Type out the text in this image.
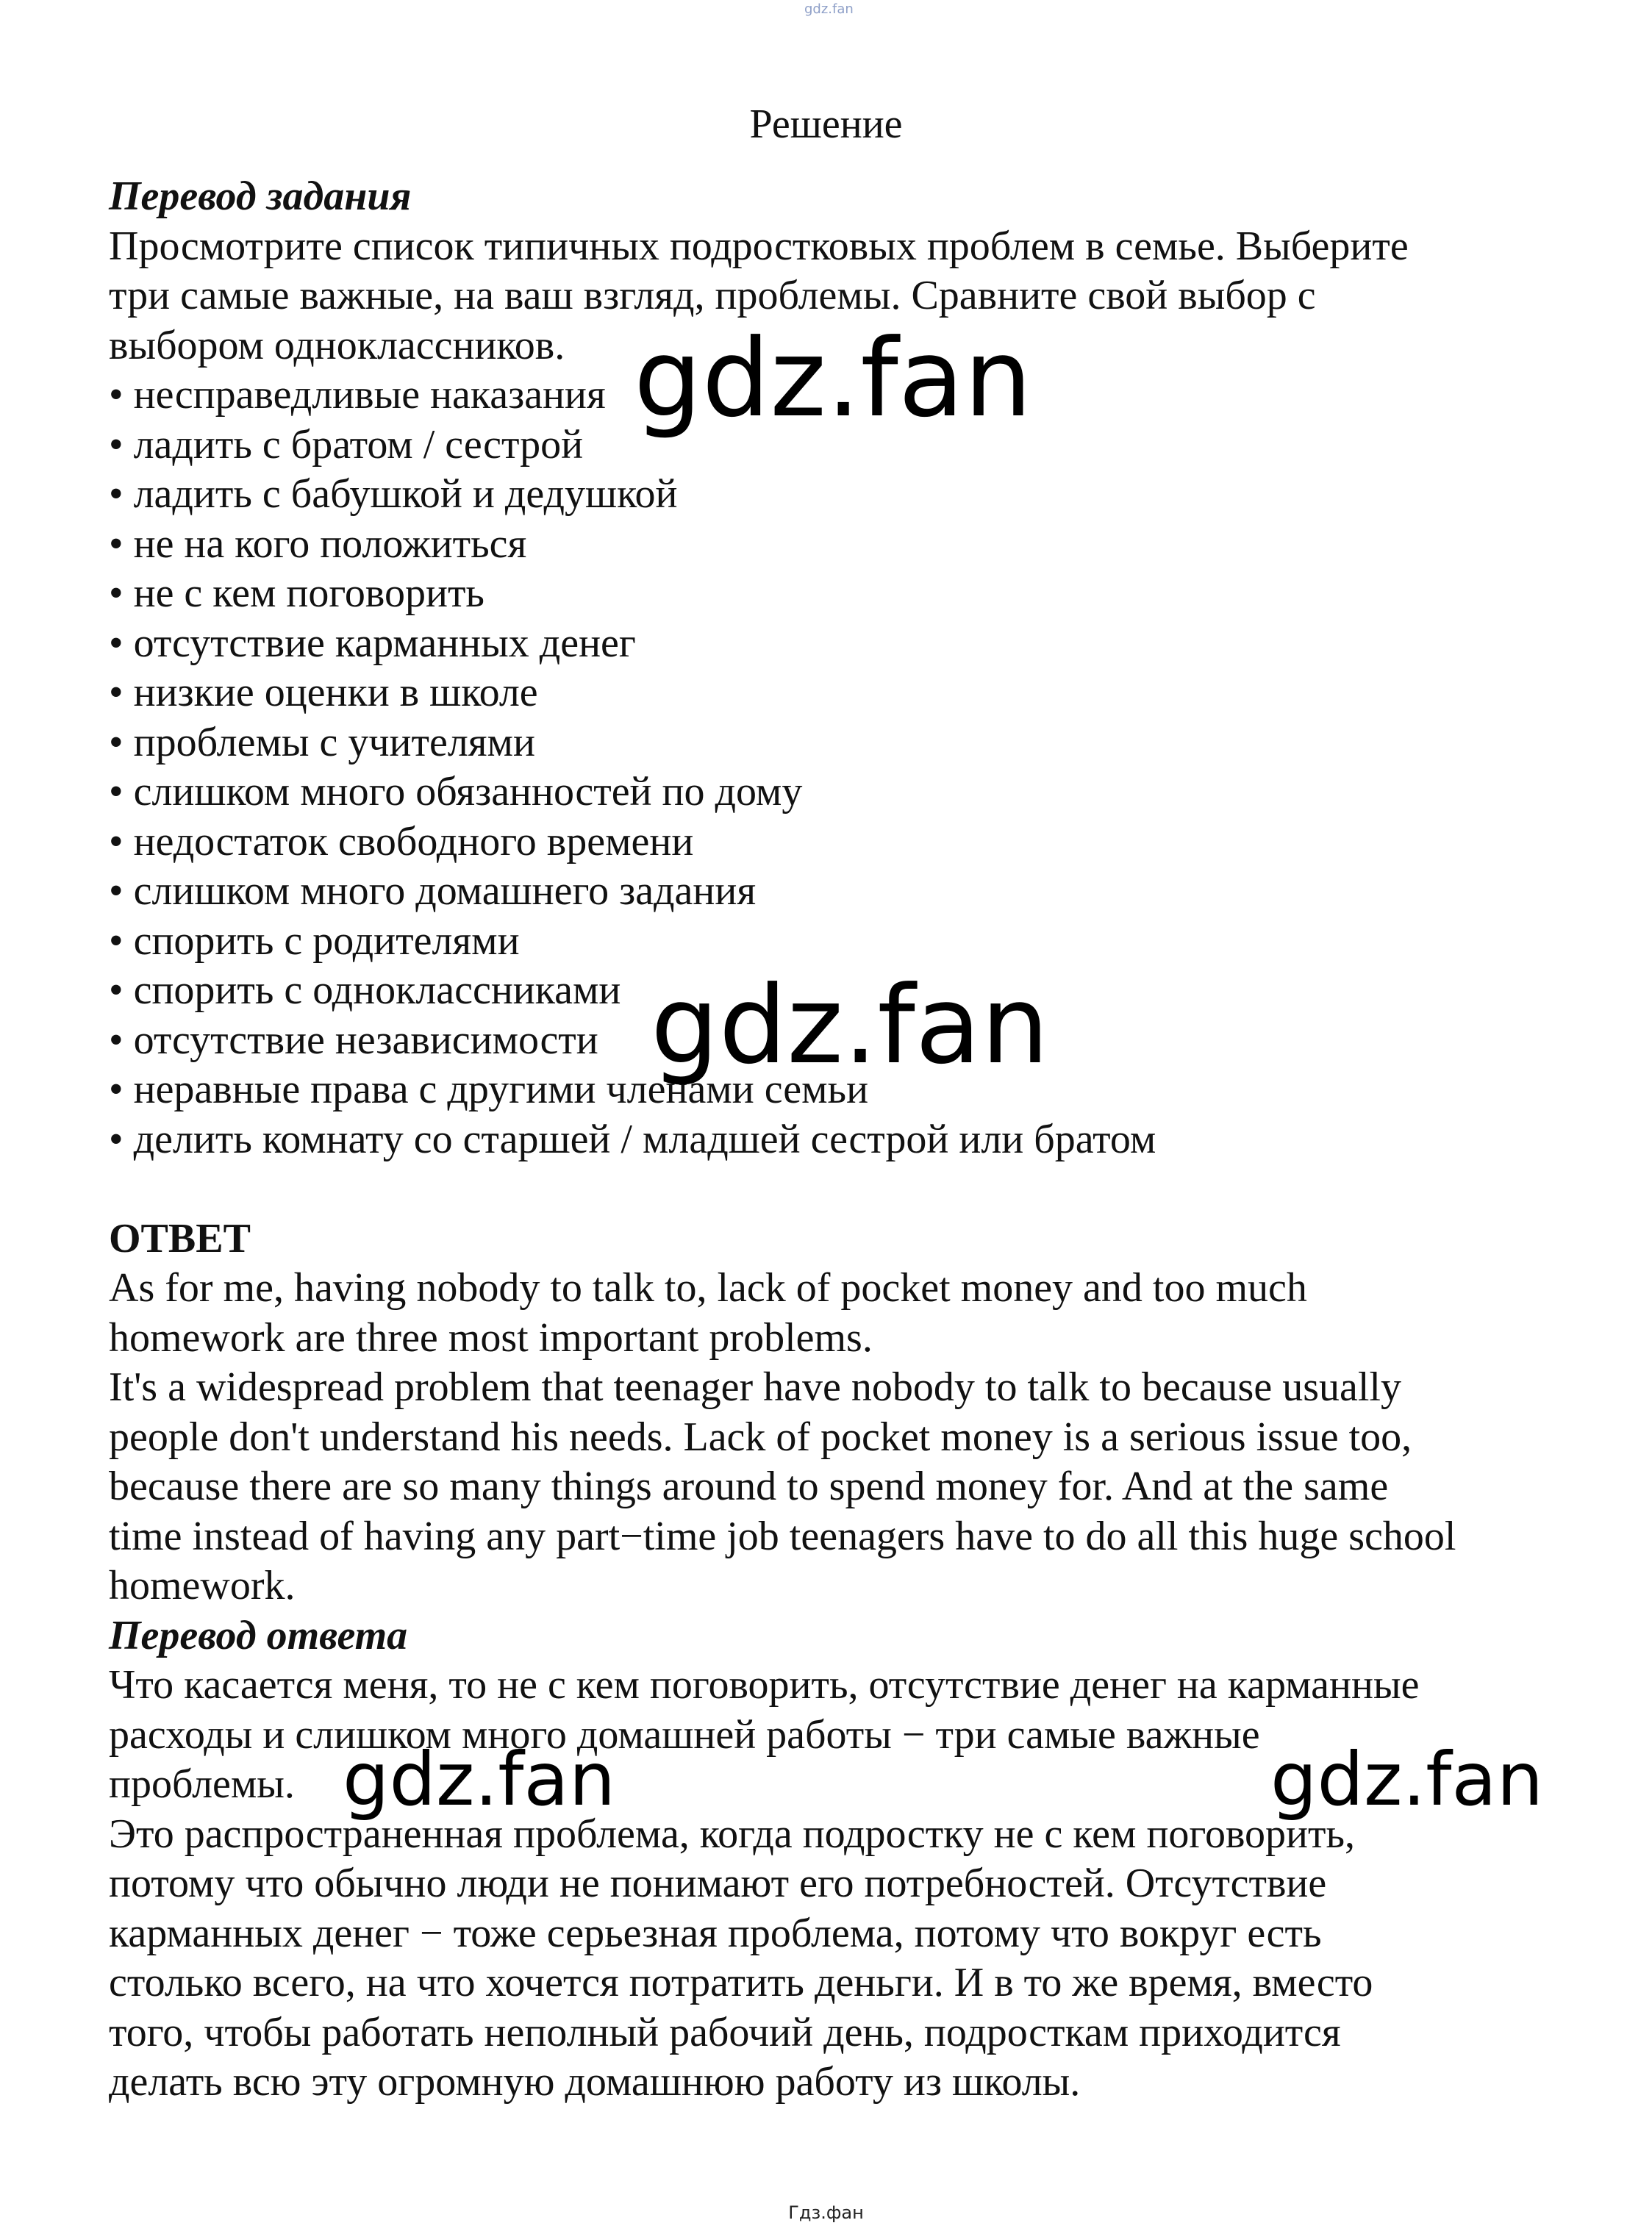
gdz.fan
Решение
Перевод задания
Просмотрите список типичных подростковых проблем в семье. Выберите
три самые важные, на ваш взгляд, проблемы. Сравните свой выбор с
выбором одноклассников.
• несправедливые наказания
• ладить с братом / сестрой
• ладить с бабушкой и дедушкой
• не на кого положиться
• не с кем поговорить
• отсутствие карманных денег
• низкие оценки в школе
• проблемы с учителями
• слишком много обязанностей по дому
• недостаток свободного времени
• слишком много домашнего задания
• спорить с родителями
• спорить с одноклассниками
• отсутствие независимости
• неравные права с другими членами семьи
• делить комнату со старшей / младшей сестрой или братом
ОТВЕТ
As for me, having nobody to talk to, lack of pocket money and too much
homework are three most important problems.
It's a widespread problem that teenager have nobody to talk to because usually
people don't understand his needs. Lack of pocket money is a serious issue too,
because there are so many things around to spend money for. And at the same
time instead of having any part−time job teenagers have to do all this huge school
homework.
Перевод ответа
Что касается меня, то не с кем поговорить, отсутствие денег на карманные
расходы и слишком много домашней работы − три самые важные
проблемы.
Это распространенная проблема, когда подростку не с кем поговорить,
потому что обычно люди не понимают его потребностей. Отсутствие
карманных денег − тоже серьезная проблема, потому что вокруг есть
столько всего, на что хочется потратить деньги. И в то же время, вместо
того, чтобы работать неполный рабочий день, подросткам приходится
делать всю эту огромную домашнюю работу из школы.
gdz.fan
gdz.fan
gdz.fan	gdz.fan
Гдз.фан
